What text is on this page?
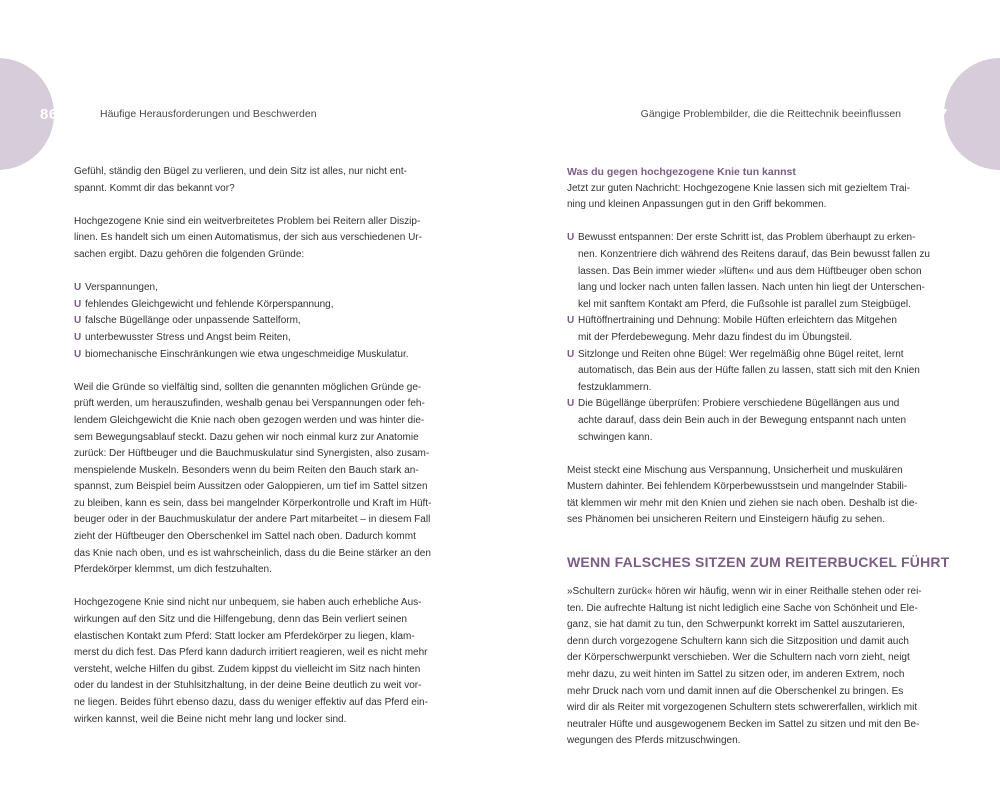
86	87
Häufige Herausforderungen und Beschwerden	Gängige Problembilder, die die Reittechnik beeinflussen
Gefühl, ständig den Bügel zu verlieren, und dein Sitz ist alles, nur nicht ent-
spannt. Kommt dir das bekannt vor?
Hochgezogene Knie sind ein weitverbreitetes Problem bei Reitern aller Diszip-
linen. Es handelt sich um einen Automatismus, der sich aus verschiedenen Ur-
sachen ergibt. Dazu gehören die folgenden Gründe:
U Verspannungen,
U fehlendes Gleichgewicht und fehlende Körperspannung,
U falsche Bügellänge oder unpassende Sattelform,
U unterbewusster Stress und Angst beim Reiten,
U biomechanische Einschränkungen wie etwa ungeschmeidige Muskulatur.
Weil die Gründe so vielfältig sind, sollten die genannten möglichen Gründe ge-
prüft werden, um herauszufinden, weshalb genau bei Verspannungen oder feh-
lendem Gleichgewicht die Knie nach oben gezogen werden und was hinter die-
sem Bewegungsablauf steckt. Dazu gehen wir noch einmal kurz zur Anatomie
zurück: Der Hüftbeuger und die Bauchmuskulatur sind Synergisten, also zusam-
menspielende Muskeln. Besonders wenn du beim Reiten den Bauch stark an-
spannst, zum Beispiel beim Aussitzen oder Galoppieren, um tief im Sattel sitzen
zu bleiben, kann es sein, dass bei mangelnder Körperkontrolle und Kraft im Hüft-
beuger oder in der Bauchmuskulatur der andere Part mitarbeitet – in diesem Fall
zieht der Hüftbeuger den Oberschenkel im Sattel nach oben. Dadurch kommt
das Knie nach oben, und es ist wahrscheinlich, dass du die Beine stärker an den
Pferdekörper klemmst, um dich festzuhalten.
Hochgezogene Knie sind nicht nur unbequem, sie haben auch erhebliche Aus-
wirkungen auf den Sitz und die Hilfengebung, denn das Bein verliert seinen
elastischen Kontakt zum Pferd: Statt locker am Pferdekörper zu liegen, klam-
merst du dich fest. Das Pferd kann dadurch irritiert reagieren, weil es nicht mehr
versteht, welche Hilfen du gibst. Zudem kippst du vielleicht im Sitz nach hinten
oder du landest in der Stuhlsitzhaltung, in der deine Beine deutlich zu weit vor-
ne liegen. Beides führt ebenso dazu, dass du weniger effektiv auf das Pferd ein-
wirken kannst, weil die Beine nicht mehr lang und locker sind.
Was du gegen hochgezogene Knie tun kannst
Jetzt zur guten Nachricht: Hochgezogene Knie lassen sich mit gezieltem Trai-
ning und kleinen Anpassungen gut in den Griff bekommen.
U Bewusst entspannen: Der erste Schritt ist, das Problem überhaupt zu erken-
nen. Konzentriere dich während des Reitens darauf, das Bein bewusst fallen zu
lassen. Das Bein immer wieder »lüften« und aus dem Hüftbeuger oben schon
lang und locker nach unten fallen lassen. Nach unten hin liegt der Unterschen-
kel mit sanftem Kontakt am Pferd, die Fußsohle ist parallel zum Steigbügel.
U Hüftöffnertraining und Dehnung: Mobile Hüften erleichtern das Mitgehen
mit der Pferdebewegung. Mehr dazu findest du im Übungsteil.
U Sitzlonge und Reiten ohne Bügel: Wer regelmäßig ohne Bügel reitet, lernt
automatisch, das Bein aus der Hüfte fallen zu lassen, statt sich mit den Knien
festzuklammern.
U Die Bügellänge überprüfen: Probiere verschiedene Bügellängen aus und
achte darauf, dass dein Bein auch in der Bewegung entspannt nach unten
schwingen kann.
Meist steckt eine Mischung aus Verspannung, Unsicherheit und muskulären
Mustern dahinter. Bei fehlendem Körperbewusstsein und mangelnder Stabili-
tät klemmen wir mehr mit den Knien und ziehen sie nach oben. Deshalb ist die-
ses Phänomen bei unsicheren Reitern und Einsteigern häufig zu sehen.
WENN FALSCHES SITZEN ZUM REITERBUCKEL FÜHRT
»Schultern zurück« hören wir häufig, wenn wir in einer Reithalle stehen oder rei-
ten. Die aufrechte Haltung ist nicht lediglich eine Sache von Schönheit und Ele-
ganz, sie hat damit zu tun, den Schwerpunkt korrekt im Sattel auszutarieren,
denn durch vorgezogene Schultern kann sich die Sitzposition und damit auch
der Körperschwerpunkt verschieben. Wer die Schultern nach vorn zieht, neigt
mehr dazu, zu weit hinten im Sattel zu sitzen oder, im anderen Extrem, noch
mehr Druck nach vorn und damit innen auf die Oberschenkel zu bringen. Es
wird dir als Reiter mit vorgezogenen Schultern stets schwererfallen, wirklich mit
neutraler Hüfte und ausgewogenem Becken im Sattel zu sitzen und mit den Be-
wegungen des Pferds mitzuschwingen.
